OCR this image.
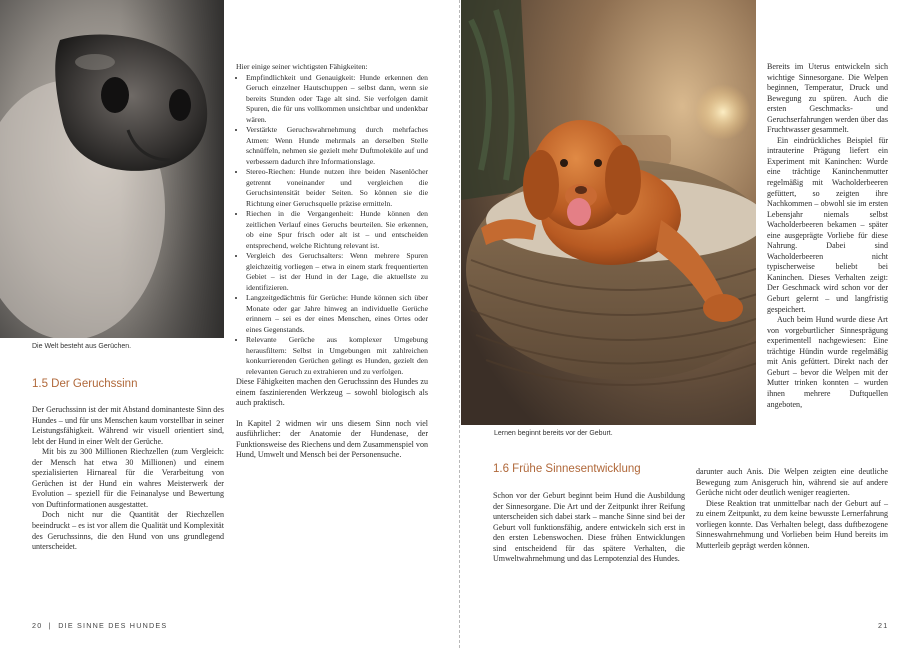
Die Welt besteht aus Gerüchen.
1.5 Der Geruchssinn

Der Geruchssinn ist der mit Abstand dominanteste Sinn des Hundes – und für uns Menschen kaum vorstellbar in seiner Leistungsfähigkeit. Während wir visuell orientiert sind, lebt der Hund in einer Welt der Gerüche.

Mit bis zu 300 Millionen Riechzellen (zum Vergleich: der Mensch hat etwa 30 Millionen) und einem spezialisierten Hirnareal für die Verarbeitung von Gerüchen ist der Hund ein wahres Meisterwerk der Evolution – speziell für die Feinanalyse und Bewertung von Duftinformationen ausgestattet.

Doch nicht nur die Quantität der Riechzellen beeindruckt – es ist vor allem die Qualität und Komplexität des Geruchssinns, die den Hund von uns grundlegend unterscheidet.

Hier einige seiner wichtigsten Fähigkeiten:

• Empfindlichkeit und Genauigkeit: Hunde erkennen den Geruch einzelner Hautschuppen – selbst dann, wenn sie bereits Stunden oder Tage alt sind. Sie verfolgen damit Spuren, die für uns vollkommen unsichtbar und undenkbar wären.
• Verstärkte Geruchswahrnehmung durch mehrfaches Atmen: Wenn Hunde mehrmals an derselben Stelle schnüffeln, nehmen sie gezielt mehr Duftmoleküle auf und verbessern dadurch ihre Informationslage.
• Stereo-Riechen: Hunde nutzen ihre beiden Nasenlöcher getrennt voneinander und vergleichen die Geruchsintensität beider Seiten. So können sie die Richtung einer Geruchsquelle präzise ermitteln.
• Riechen in die Vergangenheit: Hunde können den zeitlichen Verlauf eines Geruchs beurteilen. Sie erkennen, ob eine Spur frisch oder alt ist – und entscheiden entsprechend, welche Richtung relevant ist.
• Vergleich des Geruchsalters: Wenn mehrere Spuren gleichzeitig vorliegen – etwa in einem stark frequentierten Gebiet – ist der Hund in der Lage, die aktuellste zu identifizieren.
• Langzeitgedächtnis für Gerüche: Hunde können sich über Monate oder gar Jahre hinweg an individuelle Gerüche erinnern – sei es der eines Menschen, eines Ortes oder eines Gegenstands.
• Relevante Gerüche aus komplexer Umgebung herausfiltern: Selbst in Umgebungen mit zahlreichen konkurrierenden Gerüchen gelingt es Hunden, gezielt den relevanten Geruch zu extrahieren und zu verfolgen.

Diese Fähigkeiten machen den Geruchssinn des Hundes zu einem faszinierenden Werkzeug – sowohl biologisch als auch praktisch.

In Kapitel 2 widmen wir uns diesem Sinn noch viel ausführlicher: der Anatomie der Hundenase, der Funktionsweise des Riechens und dem Zusammenspiel von Hund, Umwelt und Mensch bei der Personensuche.

20  |  DIE SINNE DES HUNDES
Lernen beginnt bereits vor der Geburt.
1.6 Frühe Sinnesentwicklung

Schon vor der Geburt beginnt beim Hund die Ausbildung der Sinnesorgane. Die Art und der Zeitpunkt ihrer Reifung unterscheiden sich dabei stark – manche Sinne sind bei der Geburt voll funktionsfähig, andere entwickeln sich erst in den ersten Lebenswochen. Diese frühen Entwicklungen sind entscheidend für das spätere Verhalten, die Umweltwahrnehmung und das Lernpotenzial des Hundes.

Bereits im Uterus entwickeln sich wichtige Sinnesorgane. Die Welpen beginnen, Temperatur, Druck und Bewegung zu spüren. Auch die ersten Geschmacks- und Geruchserfahrungen werden über das Fruchtwasser gesammelt.

Ein eindrückliches Beispiel für intrauterine Prägung liefert ein Experiment mit Kaninchen: Wurde eine trächtige Kaninchenmutter regelmäßig mit Wacholderbeeren gefüttert, so zeigten ihre Nachkommen – obwohl sie im ersten Lebensjahr niemals selbst Wacholderbeeren bekamen – später eine ausgeprägte Vorliebe für diese Nahrung. Dabei sind Wacholderbeeren nicht typischerweise beliebt bei Kaninchen. Dieses Verhalten zeigt: Der Geschmack wird schon vor der Geburt gelernt – und langfristig gespeichert.

Auch beim Hund wurde diese Art von vorgeburtlicher Sinnesprägung experimentell nachgewiesen: Eine trächtige Hündin wurde regelmäßig mit Anis gefüttert. Direkt nach der Geburt – bevor die Welpen mit der Mutter trinken konnten – wurden ihnen mehrere Duftquellen angeboten,

darunter auch Anis. Die Welpen zeigten eine deutliche Bewegung zum Anisgeruch hin, während sie auf andere Gerüche nicht oder deutlich weniger reagierten.

Diese Reaktion trat unmittelbar nach der Geburt auf – zu einem Zeitpunkt, zu dem keine bewusste Lernerfahrung vorliegen konnte. Das Verhalten belegt, dass duftbezogene Sinneswahrnehmung und Vorlieben beim Hund bereits im Mutterleib geprägt werden können.

21
